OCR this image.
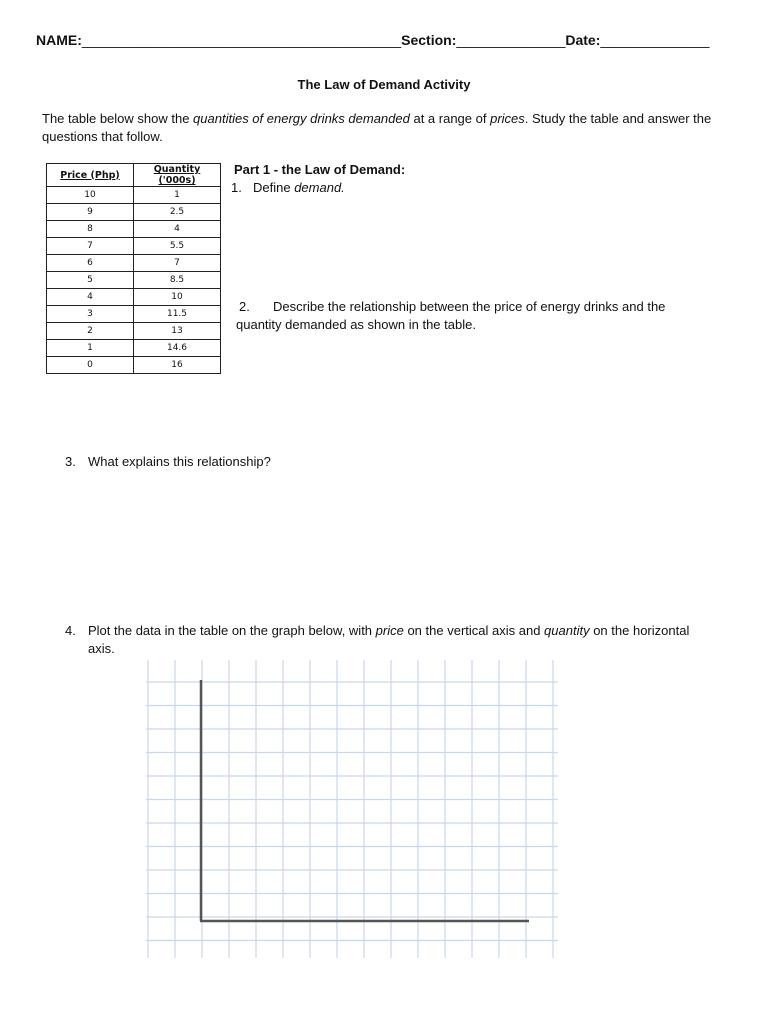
NAME:_________________________________________Section:______________Date:______________
The Law of Demand Activity
The table below show the quantities of energy drinks demanded at a range of prices. Study the table and answer the questions that follow.
Price (Php)	Quantity ('000s)
10	1
9	2.5
8	4
7	5.5
6	7
5	8.5
4	10
3	11.5
2	13
1	14.6
0	16
Part 1 - the Law of Demand:
1. Define demand.
2. Describe the relationship between the price of energy drinks and the quantity demanded as shown in the table.
3. What explains this relationship?
4. Plot the data in the table on the graph below, with price on the vertical axis and quantity on the horizontal axis.
